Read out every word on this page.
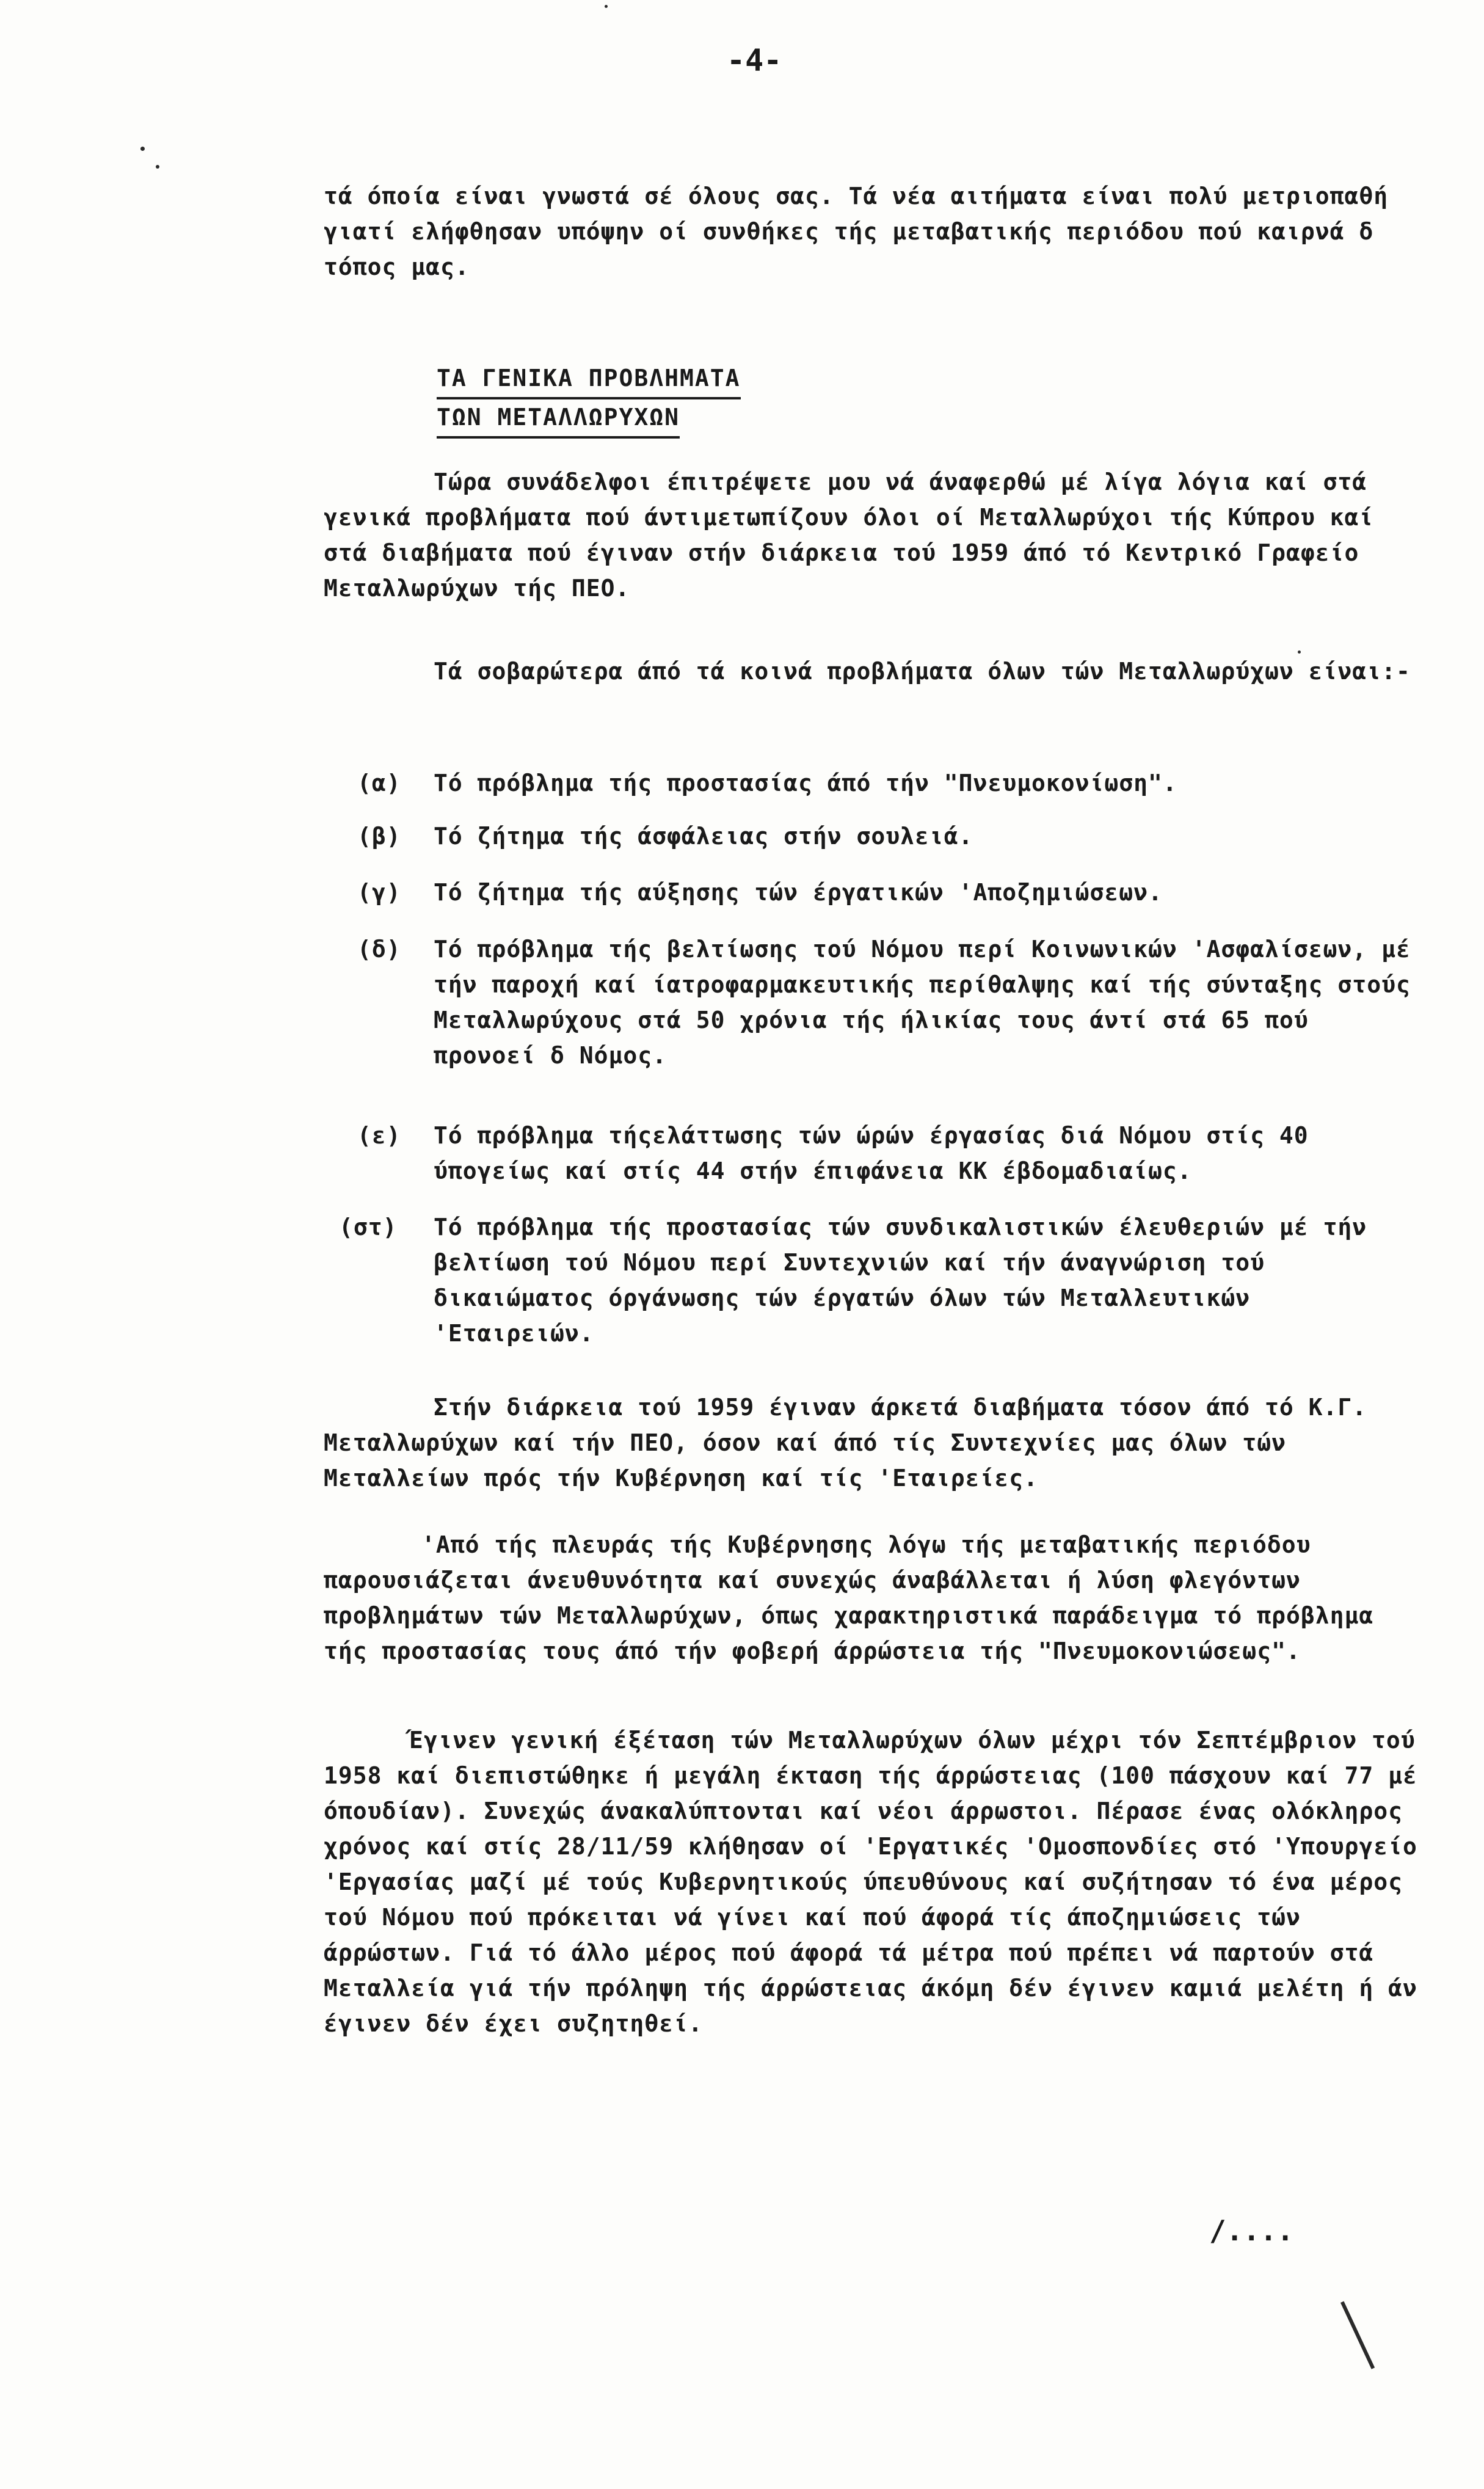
-4-
τά όποία είναι γνωστά σέ όλους σας. Τά νέα αιτήματα είναι πολύ μετριοπαθή γιατί ελήφθησαν υπόψην οί συνθήκες τής μεταβατικής περιόδου πού καιρνά δ τόπος μας.
ΤΑ ΓΕΝΙΚΑ ΠΡΟΒΛΗΜΑΤΑ
ΤΩΝ ΜΕΤΑΛΛΩΡΥΧΩΝ
Τώρα συνάδελφοι έπιτρέψετε μου νά άναφερθώ μέ λίγα λόγια καί στά γενικά προβλήματα πού άντιμετωπίζουν όλοι οί Μεταλλωρύχοι τής Κύπρου καί στά διαβήματα πού έγιναν στήν διάρκεια τού 1959 άπό τό Κεντρικό Γραφείο Μεταλλωρύχων τής ΠΕΟ.
Τά σοβαρώτερα άπό τά κοινά προβλήματα όλων τών Μεταλλωρύχων είναι:-
(α)	Τό πρόβλημα τής προστασίας άπό τήν "Πνευμοκονίωση".
(β)	Τό ζήτημα τής άσφάλειας στήν σουλειά.
(γ)	Τό ζήτημα τής αύξησης τών έργατικών 'Αποζημιώσεων.
(δ)	Τό πρόβλημα τής βελτίωσης τού Νόμου περί Κοινωνικών 'Ασφαλίσεων, μέ τήν παροχή καί ίατροφαρμακευτικής περίθαλψης καί τής σύνταξης στούς Μεταλλωρύχους στά 50 χρόνια τής ήλικίας τους άντί στά 65 πού προνοεί δ Νόμος.
(ε)	Τό πρόβλημα τήςελάττωσης τών ώρών έργασίας διά Νόμου στίς 40 ύπογείως καί στίς 44 στήν έπιφάνεια ΚΚ έβδομαδιαίως.
(στ)	Τό πρόβλημα τής προστασίας τών συνδικαλιστικών έλευθεριών μέ τήν βελτίωση τού Νόμου περί Συντεχνιών καί τήν άναγνώριση τού δικαιώματος όργάνωσης τών έργατών όλων τών Μεταλλευτικών 'Εταιρειών.
Στήν διάρκεια τού 1959 έγιναν άρκετά διαβήματα τόσον άπό τό Κ.Γ. Μεταλλωρύχων καί τήν ΠΕΟ, όσον καί άπό τίς Συντεχνίες μας όλων τών Μεταλλείων πρός τήν Κυβέρνηση καί τίς 'Εταιρείες.
'Από τής πλευράς τής Κυβέρνησης λόγω τής μεταβατικής περιόδου παρουσιάζεται άνευθυνότητα καί συνεχώς άναβάλλεται ή λύση φλεγόντων προβλημάτων τών Μεταλλωρύχων, όπως χαρακτηριστικά παράδειγμα τό πρόβλημα τής προστασίας τους άπό τήν φοβερή άρρώστεια τής "Πνευμοκονιώσεως".
Έγινεν γενική έξέταση τών Μεταλλωρύχων όλων μέχρι τόν Σεπτέμβριον τού 1958 καί διεπιστώθηκε ή μεγάλη έκταση τής άρρώστειας (100 πάσχουν καί 77 μέ όπουδίαν). Συνεχώς άνακαλύπτονται καί νέοι άρρωστοι. Πέρασε ένας ολόκληρος χρόνος καί στίς 28/11/59 κλήθησαν οί 'Εργατικές 'Ομοσπονδίες στό 'Υπουργείο 'Εργασίας μαζί μέ τούς Κυβερνητικούς ύπευθύνους καί συζήτησαν τό ένα μέρος τού Νόμου πού πρόκειται νά γίνει καί πού άφορά τίς άποζημιώσεις τών άρρώστων. Γιά τό άλλο μέρος πού άφορά τά μέτρα πού πρέπει νά παρτούν στά Μεταλλεία γιά τήν πρόληψη τής άρρώστειας άκόμη δέν έγινεν καμιά μελέτη ή άν έγινεν δέν έχει συζητηθεί.
/....
